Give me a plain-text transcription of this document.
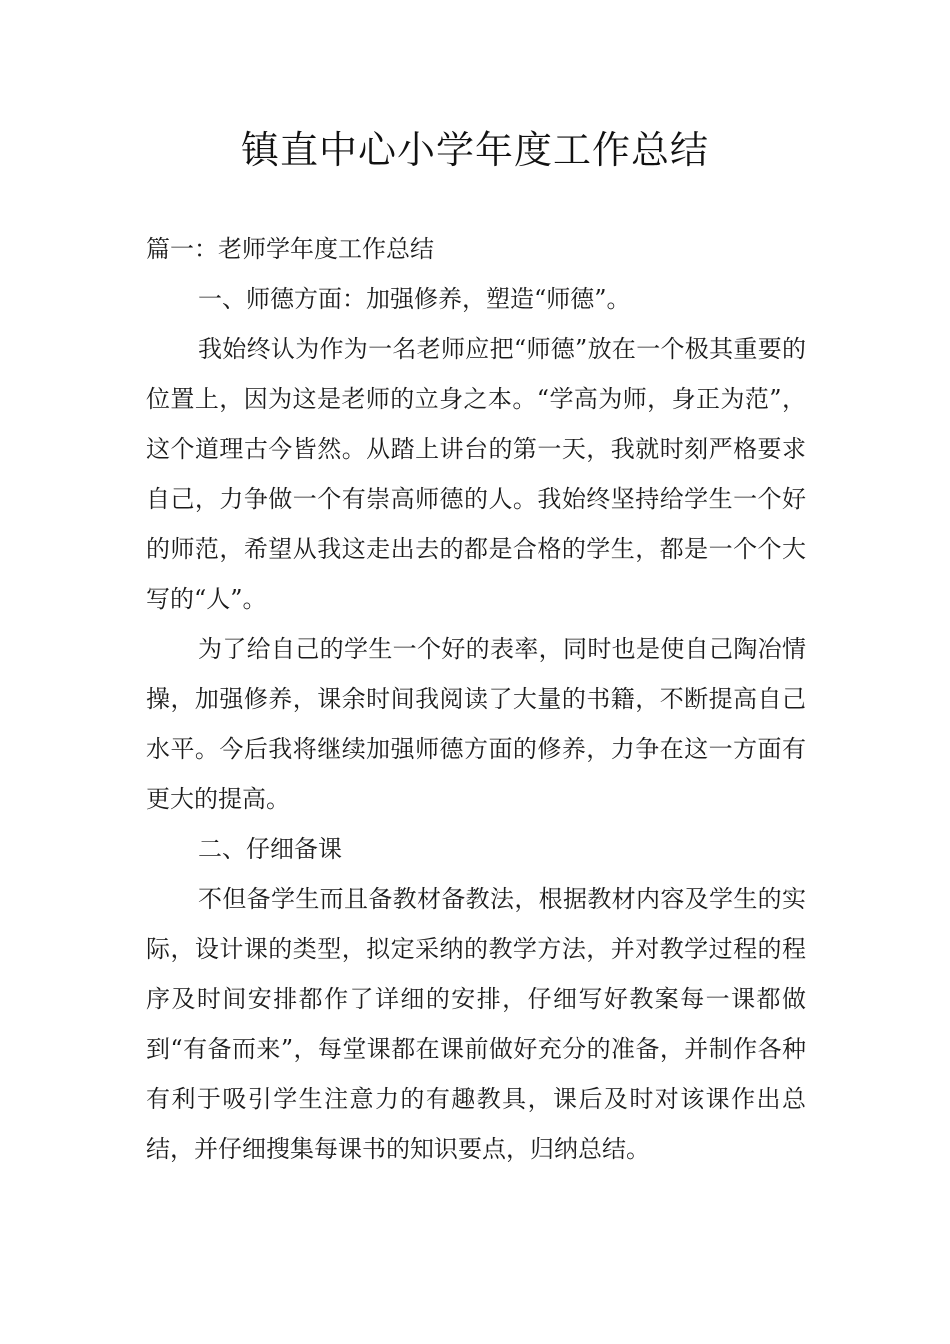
镇直中心小学年度工作总结

篇一：老师学年度工作总结

一、师德方面：加强修养，塑造“师德”。

我始终认为作为一名老师应把“师德”放在一个极其重要的位置上，因为这是老师的立身之本。“学高为师，身正为范”，这个道理古今皆然。从踏上讲台的第一天，我就时刻严格要求自己，力争做一个有崇高师德的人。我始终坚持给学生一个好的师范，希望从我这走出去的都是合格的学生，都是一个个大写的“人”。

为了给自己的学生一个好的表率，同时也是使自己陶冶情操，加强修养，课余时间我阅读了大量的书籍，不断提高自己水平。今后我将继续加强师德方面的修养，力争在这一方面有更大的提高。

二、仔细备课

不但备学生而且备教材备教法，根据教材内容及学生的实际，设计课的类型，拟定采纳的教学方法，并对教学过程的程序及时间安排都作了详细的安排，仔细写好教案每一课都做到“有备而来”，每堂课都在课前做好充分的准备，并制作各种有利于吸引学生注意力的有趣教具，课后及时对该课作出总结，并仔细搜集每课书的知识要点，归纳总结。
